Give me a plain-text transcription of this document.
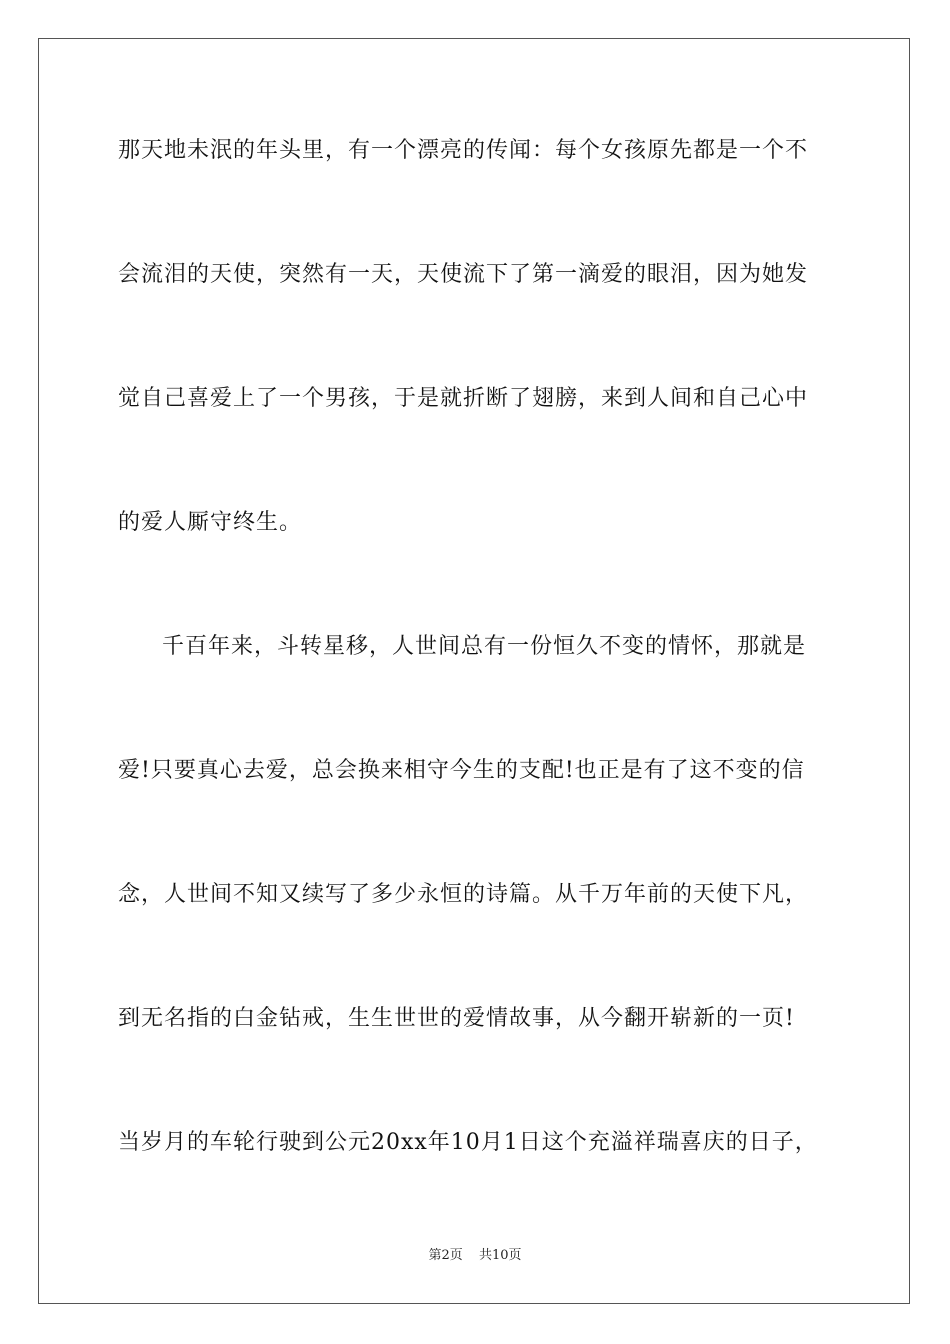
那天地未泯的年头里，有一个漂亮的传闻：每个女孩原先都是一个不
会流泪的天使，突然有一天，天使流下了第一滴爱的眼泪，因为她发
觉自己喜爱上了一个男孩，于是就折断了翅膀，来到人间和自己心中
的爱人厮守终生。
千百年来，斗转星移，人世间总有一份恒久不变的情怀，那就是
爱!只要真心去爱，总会换来相守今生的支配!也正是有了这不变的信
念，人世间不知又续写了多少永恒的诗篇。从千万年前的天使下凡，
到无名指的白金钻戒，生生世世的爱情故事，从今翻开崭新的一页!
当岁月的车轮行驶到公元20xx年10月1日这个充溢祥瑞喜庆的日子，
第2页 共10页
